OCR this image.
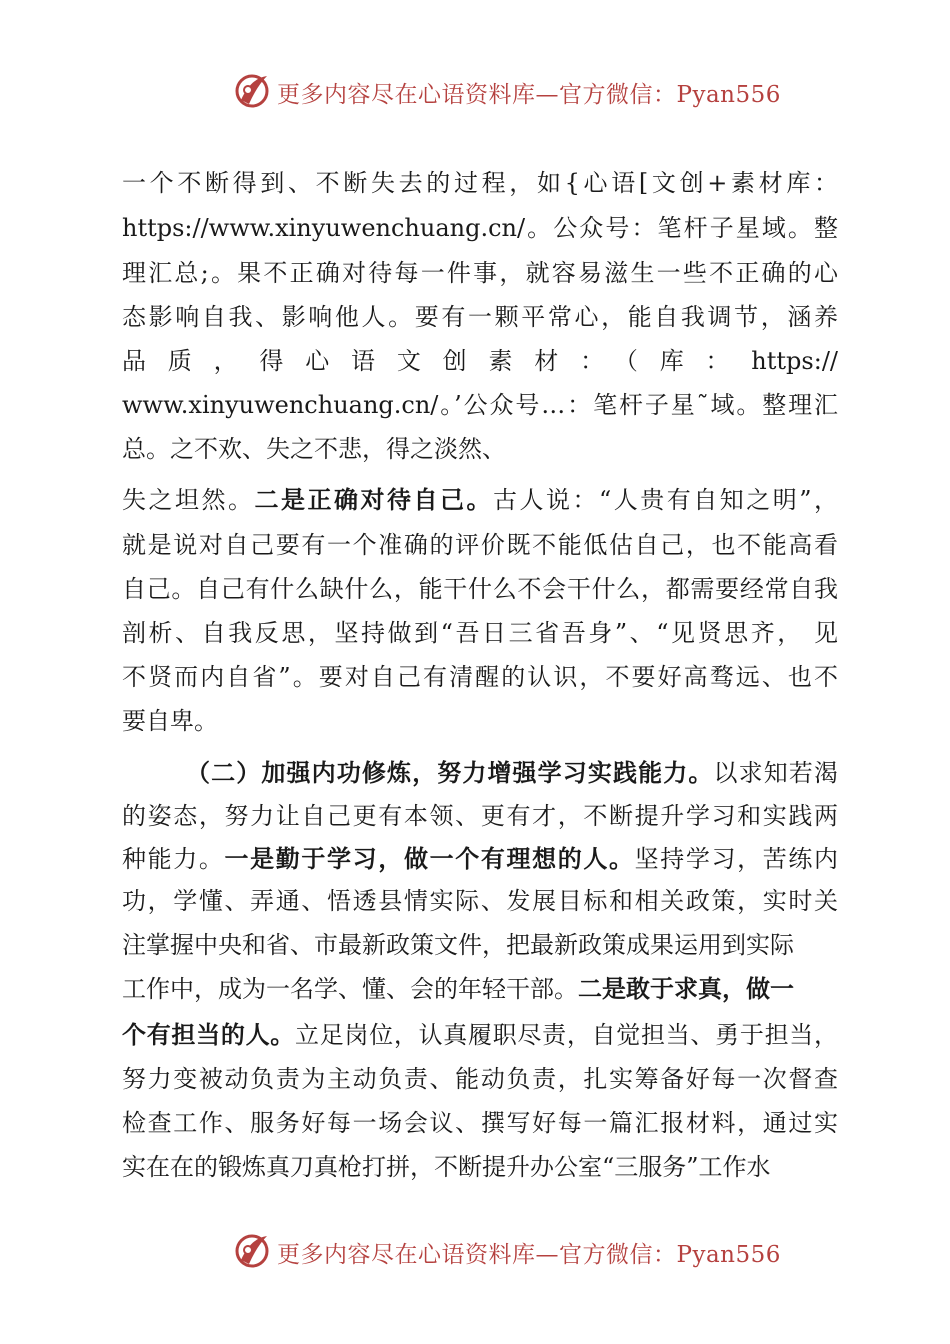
更多内容尽在心语资料库—官方微信：Pyan556
一个不断得到、不断失去的过程，如{心语[文创+素材库：
https://www.xinyuwenchuang.cn/。公众号：笔杆子星域。整
理汇总;。果不正确对待每一件事，就容易滋生一些不正确的心
态影响自我、影响他人。要有一颗平常心，能自我调节，涵养
品质，得心语文创素材：（库：https://
www.xinyuwenchuang.cn/。’公众号…：笔杆子星˜域。整理汇
总。之不欢、失之不悲，得之淡然、
失之坦然。二是正确对待自己。古人说：“人贵有自知之明”，
就是说对自己要有一个准确的评价既不能低估自己，也不能高看
自己。自己有什么缺什么，能干什么不会干什么，都需要经常自我
剖析、自我反思，坚持做到“吾日三省吾身”、“见贤思齐， 见
不贤而内自省”。要对自己有清醒的认识，不要好高骛远、也不
要自卑。
（二）加强内功修炼，努力增强学习实践能力。以求知若渴
的姿态，努力让自己更有本领、更有才，不断提升学习和实践两
种能力。一是勤于学习，做一个有理想的人。坚持学习，苦练内
功，学懂、弄通、悟透县情实际、发展目标和相关政策，实时关
注掌握中央和省、市最新政策文件，把最新政策成果运用到实际
工作中，成为一名学、懂、会的年轻干部。二是敢于求真，做一
个有担当的人。立足岗位，认真履职尽责，自觉担当、勇于担当，
努力变被动负责为主动负责、能动负责，扎实筹备好每一次督查
检查工作、服务好每一场会议、撰写好每一篇汇报材料，通过实
实在在的锻炼真刀真枪打拼，不断提升办公室“三服务”工作水
更多内容尽在心语资料库—官方微信：Pyan556
